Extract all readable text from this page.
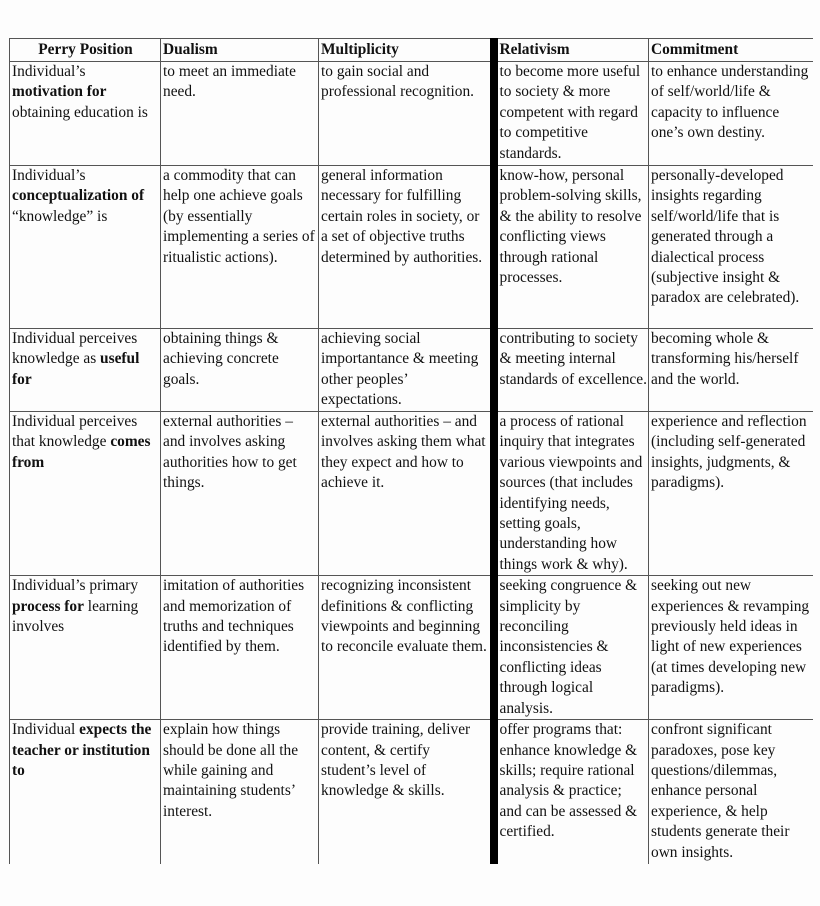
Perry Position	Dualism	Multiplicity	Relativism	Commitment
Individual’s motivation for obtaining education is	to meet an immediate need.	to gain social and professional recognition.	to become more useful to society & more competent with regard to competitive standards.	to enhance understanding of self/world/life & capacity to influence one’s own destiny.
Individual’s conceptualization of “knowledge” is	a commodity that can help one achieve goals (by essentially implementing a series of ritualistic actions).	general information necessary for fulfilling certain roles in society, or a set of objective truths determined by authorities.	know-how, personal problem-solving skills, & the ability to resolve conflicting views through rational processes.	personally-developed insights regarding self/world/life that is generated through a dialectical process (subjective insight & paradox are celebrated).
Individual perceives knowledge as useful for	obtaining things & achieving concrete goals.	achieving social importantance & meeting other peoples’ expectations.	contributing to society & meeting internal standards of excellence.	becoming whole & transforming his/herself and the world.
Individual perceives that knowledge comes from	external authorities – and involves asking authorities how to get things.	external authorities – and involves asking them what they expect and how to achieve it.	a process of rational inquiry that integrates various viewpoints and sources (that includes identifying needs, setting goals, understanding how things work & why).	experience and reflection (including self-generated insights, judgments, & paradigms).
Individual’s primary process for learning involves	imitation of authorities and memorization of truths and techniques identified by them.	recognizing inconsistent definitions & conflicting viewpoints and beginning to reconcile evaluate them.	seeking congruence & simplicity by reconciling inconsistencies & conflicting ideas through logical analysis.	seeking out new experiences & revamping previously held ideas in light of new experiences (at times developing new paradigms).
Individual expects the teacher or institution to	explain how things should be done all the while gaining and maintaining students’ interest.	provide training, deliver content, & certify student’s level of knowledge & skills.	offer programs that: enhance knowledge & skills; require rational analysis & practice; and can be assessed & certified.	confront significant paradoxes, pose key questions/dilemmas, enhance personal experience, & help students generate their own insights.
